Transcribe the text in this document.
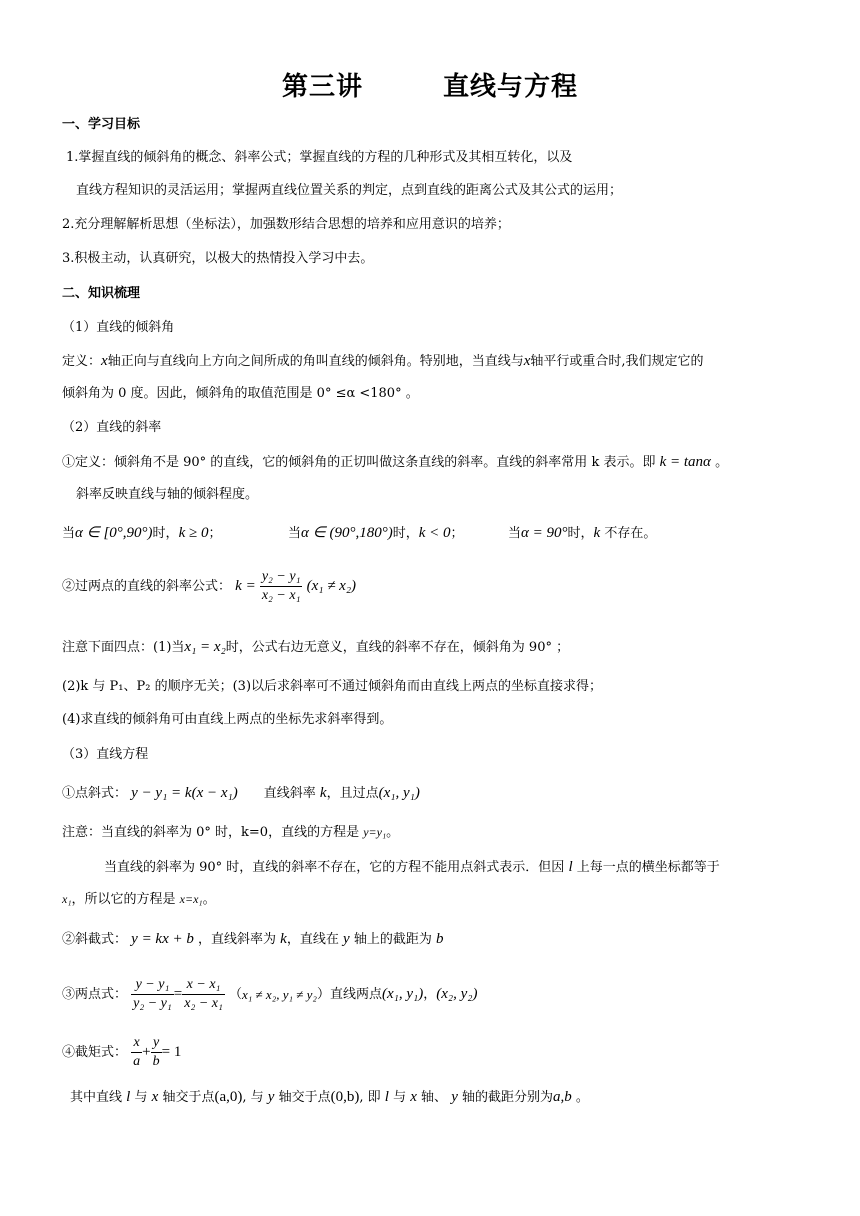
第三讲	直线与方程
一、学习目标
1.掌握直线的倾斜角的概念、斜率公式；掌握直线的方程的几种形式及其相互转化，以及
直线方程知识的灵活运用；掌握两直线位置关系的判定，点到直线的距离公式及其公式的运用；
2.充分理解解析思想（坐标法），加强数形结合思想的培养和应用意识的培养；
3.积极主动，认真研究，以极大的热情投入学习中去。
二、知识梳理
（1）直线的倾斜角
定义：x轴正向与直线向上方向之间所成的角叫直线的倾斜角。特别地，当直线与x轴平行或重合时,我们规定它的
倾斜角为 0 度。因此，倾斜角的取值范围是 0° ≤α <180° 。
（2）直线的斜率
①定义：倾斜角不是 90° 的直线，它的倾斜角的正切叫做这条直线的斜率。直线的斜率常用 k 表示。即 k = tanα 。
斜率反映直线与轴的倾斜程度。
当α ∈ [0°,90°)时，k ≥ 0；	当α ∈ (90°,180°)时，k < 0；	当α = 90°时，k 不存在。
②过两点的直线的斜率公式： $k = \frac{\text{y₂ − y₁}}{\text{x₂ − x₁}} (x_1 \ne x_2)$
注意下面四点：(1)当x₁ = x₂时，公式右边无意义，直线的斜率不存在，倾斜角为 90° ；
(2)k 与 P₁、P₂ 的顺序无关；(3)以后求斜率可不通过倾斜角而由直线上两点的坐标直接求得；
(4)求直线的倾斜角可由直线上两点的坐标先求斜率得到。
（3）直线方程
①点斜式： y − y₁ = k(x − x₁) 直线斜率 k，且过点(x₁, y₁)
注意：当直线的斜率为 0° 时，k=0，直线的方程是 y=y₁。
当直线的斜率为 90° 时，直线的斜率不存在，它的方程不能用点斜式表示．但因 l 上每一点的横坐标都等于
x₁，所以它的方程是 x=x₁。
②斜截式： y = kx + b ，直线斜率为 k，直线在 y 轴上的截距为 b
③两点式： $\frac{\text{y − y₁}}{\text{y₂ − y₁}} = \frac{\text{x − x₁}}{\text{x₂ − x₁}} (x_1 \ne x_2$, y₁ ≠ y₂）直线两点(x₁, y₁)，(x₂, y₂)
④截矩式： $\frac{x}{a} + \frac{y}{b} = 1$
其中直线 l 与 x 轴交于点(a,0), 与 y 轴交于点(0,b), 即 l 与 x 轴、 y 轴的截距分别为a,b 。
